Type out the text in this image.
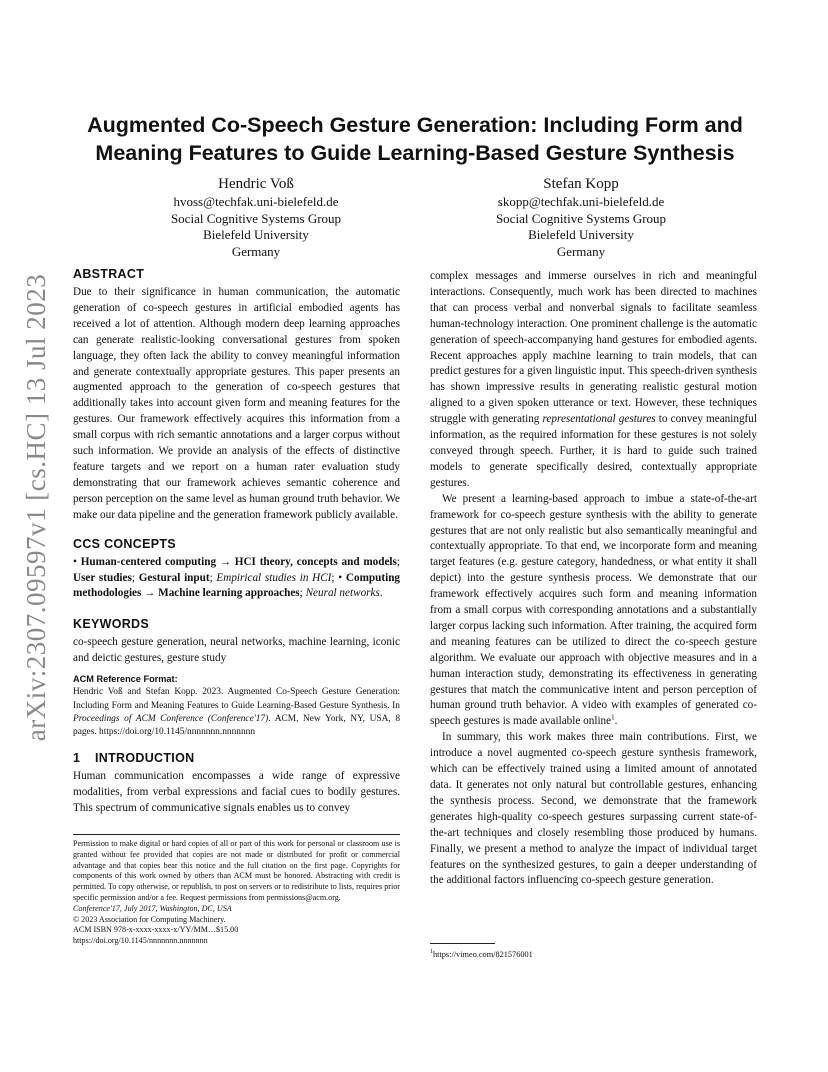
arXiv:2307.09597v1 [cs.HC] 13 Jul 2023
Augmented Co-Speech Gesture Generation: Including Form and Meaning Features to Guide Learning-Based Gesture Synthesis
Hendric Voß
hvoss@techfak.uni-bielefeld.de
Social Cognitive Systems Group
Bielefeld University
Germany
Stefan Kopp
skopp@techfak.uni-bielefeld.de
Social Cognitive Systems Group
Bielefeld University
Germany
ABSTRACT

Due to their significance in human communication, the automatic generation of co-speech gestures in artificial embodied agents has received a lot of attention. Although modern deep learning approaches can generate realistic-looking conversational gestures from spoken language, they often lack the ability to convey meaningful information and generate contextually appropriate gestures. This paper presents an augmented approach to the generation of co-speech gestures that additionally takes into account given form and meaning features for the gestures. Our framework effectively acquires this information from a small corpus with rich semantic annotations and a larger corpus without such information. We provide an analysis of the effects of distinctive feature targets and we report on a human rater evaluation study demonstrating that our framework achieves semantic coherence and person perception on the same level as human ground truth behavior. We make our data pipeline and the generation framework publicly available.

CCS CONCEPTS

• Human-centered computing → HCI theory, concepts and models; User studies; Gestural input; Empirical studies in HCI; • Computing methodologies → Machine learning approaches; Neural networks.

KEYWORDS

co-speech gesture generation, neural networks, machine learning, iconic and deictic gestures, gesture study

ACM Reference Format:

Hendric Voß and Stefan Kopp. 2023. Augmented Co-Speech Gesture Generation: Including Form and Meaning Features to Guide Learning-Based Gesture Synthesis. In Proceedings of ACM Conference (Conference'17). ACM, New York, NY, USA, 8 pages. https://doi.org/10.1145/nnnnnnn.nnnnnnn

1 INTRODUCTION

Human communication encompasses a wide range of expressive modalities, from verbal expressions and facial cues to bodily gestures. This spectrum of communicative signals enables us to convey

Permission to make digital or hard copies of all or part of this work for personal or classroom use is granted without fee provided that copies are not made or distributed for profit or commercial advantage and that copies bear this notice and the full citation on the first page. Copyrights for components of this work owned by others than ACM must be honored. Abstracting with credit is permitted. To copy otherwise, or republish, to post on servers or to redistribute to lists, requires prior specific permission and/or a fee. Request permissions from permissions@acm.org.

Conference'17, July 2017, Washington, DC, USA

© 2023 Association for Computing Machinery.

ACM ISBN 978-x-xxxx-xxxx-x/YY/MM…$15.00

https://doi.org/10.1145/nnnnnnn.nnnnnnn

complex messages and immerse ourselves in rich and meaningful interactions. Consequently, much work has been directed to machines that can process verbal and nonverbal signals to facilitate seamless human-technology interaction. One prominent challenge is the automatic generation of speech-accompanying hand gestures for embodied agents. Recent approaches apply machine learning to train models, that can predict gestures for a given linguistic input. This speech-driven synthesis has shown impressive results in generating realistic gestural motion aligned to a given spoken utterance or text. However, these techniques struggle with generating representational gestures to convey meaningful information, as the required information for these gestures is not solely conveyed through speech. Further, it is hard to guide such trained models to generate specifically desired, contextually appropriate gestures.

We present a learning-based approach to imbue a state-of-the-art framework for co-speech gesture synthesis with the ability to generate gestures that are not only realistic but also semantically meaningful and contextually appropriate. To that end, we incorporate form and meaning target features (e.g. gesture category, handedness, or what entity it shall depict) into the gesture synthesis process. We demonstrate that our framework effectively acquires such form and meaning information from a small corpus with corresponding annotations and a substantially larger corpus lacking such information. After training, the acquired form and meaning features can be utilized to direct the co-speech gesture algorithm. We evaluate our approach with objective measures and in a human interaction study, demonstrating its effectiveness in generating gestures that match the communicative intent and person perception of human ground truth behavior. A video with examples of generated co-speech gestures is made available online$^1$.

In summary, this work makes three main contributions. First, we introduce a novel augmented co-speech gesture synthesis framework, which can be effectively trained using a limited amount of annotated data. It generates not only natural but controllable gestures, enhancing the synthesis process. Second, we demonstrate that the framework generates high-quality co-speech gestures surpassing current state-of-the-art techniques and closely resembling those produced by humans. Finally, we present a method to analyze the impact of individual target features on the synthesized gestures, to gain a deeper understanding of the additional factors influencing co-speech gesture generation.

$^1$https://vimeo.com/821576001
